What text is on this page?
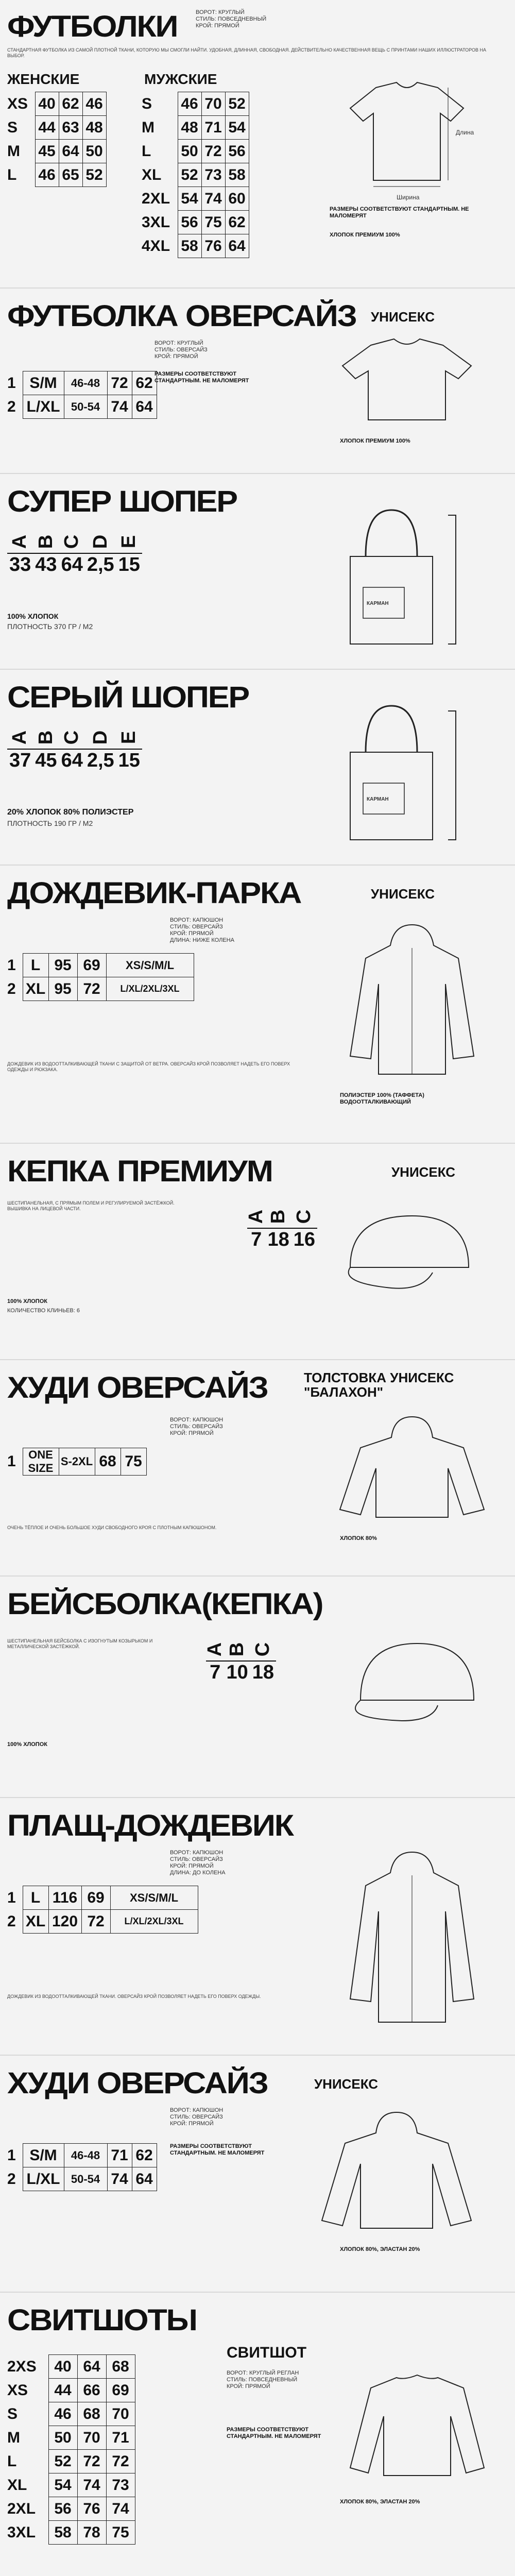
ФУТБОЛКИ	ВОРОТ: КРУГЛЫЙ
СТИЛЬ: ПОВСЕДНЕВНЫЙ
КРОЙ: ПРЯМОЙ
СТАНДАРТНАЯ ФУТБОЛКА ИЗ САМОЙ ПЛОТНОЙ ТКАНИ, КОТОРУЮ МЫ СМОГЛИ НАЙТИ. УДОБНАЯ, ДЛИННАЯ, СВОБОДНАЯ. ДЕЙСТВИТЕЛЬНО КАЧЕСТВЕННАЯ ВЕЩЬ С ПРИНТАМИ НАШИХ ИЛЛЮСТРАТОРОВ НА ВЫБОР.
ЖЕНСКИЕ	МУЖСКИЕ
XS	40	62	46
S	44	63	48
M	45	64	50
L	46	65	52
S	46	70	52
M	48	71	54
L	50	72	56
XL	52	73	58
2XL	54	74	60
3XL	56	75	62
4XL	58	76	64
Ширина
Длина
РАЗМЕРЫ СООТВЕТСТВУЮТ СТАНДАРТНЫМ. НЕ МАЛОМЕРЯТ
ХЛОПОК ПРЕМИУМ 100%
ФУТБОЛКА ОВЕРСАЙЗ УНИСЕКС
ВОРОТ: КРУГЛЫЙ
СТИЛЬ: ОВЕРСАЙЗ
КРОЙ: ПРЯМОЙ
1	S/M	46-48	72	62
2	L/XL	50-54	74	64
РАЗМЕРЫ СООТВЕТСТВУЮТ СТАНДАРТНЫМ. НЕ МАЛОМЕРЯТ
ХЛОПОК ПРЕМИУМ 100%
СУПЕР ШОПЕР
A	B	C	D	E
33	43	64	2,5	15
100% ХЛОПОК
ПЛОТНОСТЬ 370 ГР / М2
КАРМАН
СЕРЫЙ ШОПЕР
A	B	C	D	E
37	45	64	2,5	15
20% ХЛОПОК 80% ПОЛИЭСТЕР
ПЛОТНОСТЬ 190 ГР / М2
КАРМАН
ДОЖДЕВИК-ПАРКА	УНИСЕКС
ВОРОТ: КАПЮШОН
СТИЛЬ: ОВЕРСАЙЗ
КРОЙ: ПРЯМОЙ
ДЛИНА: НИЖЕ КОЛЕНА
1	L	95	69	XS/S/M/L
2	XL	95	72	L/XL/2XL/3XL
ДОЖДЕВИК ИЗ ВОДООТТАЛКИВАЮЩЕЙ ТКАНИ С ЗАЩИТОЙ ОТ ВЕТРА. ОВЕРСАЙЗ КРОЙ ПОЗВОЛЯЕТ НАДЕТЬ ЕГО ПОВЕРХ ОДЕЖДЫ И РЮКЗАКА.
ПОЛИЭСТЕР 100% (ТАФФЕТА) ВОДООТТАЛКИВАЮЩИЙ
КЕПКА ПРЕМИУМ	УНИСЕКС
ШЕСТИПАНЕЛЬНАЯ, С ПРЯМЫМ ПОЛЕМ И РЕГУЛИРУЕМОЙ ЗАСТЁЖКОЙ. ВЫШИВКА НА ЛИЦЕВОЙ ЧАСТИ.
A	B	C
7	18	16
100% ХЛОПОК
КОЛИЧЕСТВО КЛИНЬЕВ: 6
ХУДИ ОВЕРСАЙЗ	ТОЛСТОВКА УНИСЕКС "БАЛАХОН"
ВОРОТ: КАПЮШОН
СТИЛЬ: ОВЕРСАЙЗ
КРОЙ: ПРЯМОЙ
1	ONE SIZE	S-2XL	68	75
ОЧЕНЬ ТЁПЛОЕ И ОЧЕНЬ БОЛЬШОЕ ХУДИ СВОБОДНОГО КРОЯ С ПЛОТНЫМ КАПЮШОНОМ.
ХЛОПОК 80%
БЕЙСБОЛКА(КЕПКА)
A	B	C
7	10	18
ШЕСТИПАНЕЛЬНАЯ БЕЙСБОЛКА С ИЗОГНУТЫМ КОЗЫРЬКОМ И МЕТАЛЛИЧЕСКОЙ ЗАСТЁЖКОЙ.
100% ХЛОПОК
ПЛАЩ-ДОЖДЕВИК
ВОРОТ: КАПЮШОН
СТИЛЬ: ОВЕРСАЙЗ
КРОЙ: ПРЯМОЙ
ДЛИНА: ДО КОЛЕНА
1	L	116	69	XS/S/M/L
2	XL	120	72	L/XL/2XL/3XL
ДОЖДЕВИК ИЗ ВОДООТТАЛКИВАЮЩЕЙ ТКАНИ. ОВЕРСАЙЗ КРОЙ ПОЗВОЛЯЕТ НАДЕТЬ ЕГО ПОВЕРХ ОДЕЖДЫ.
ХУДИ ОВЕРСАЙЗ	УНИСЕКС
ВОРОТ: КАПЮШОН
СТИЛЬ: ОВЕРСАЙЗ
КРОЙ: ПРЯМОЙ
1	S/M	46-48	71	62
2	L/XL	50-54	74	64
РАЗМЕРЫ СООТВЕТСТВУЮТ СТАНДАРТНЫМ. НЕ МАЛОМЕРЯТ
ХЛОПОК 80%, ЭЛАСТАН 20%
СВИТШОТЫ
СВИТШОТ
ВОРОТ: КРУГЛЫЙ РЕГЛАН
СТИЛЬ: ПОВСЕДНЕВНЫЙ
КРОЙ: ПРЯМОЙ
2XS	40	64	68
XS	44	66	69
S	46	68	70
M	50	70	71
L	52	72	72
XL	54	74	73
2XL	56	76	74
3XL	58	78	75
РАЗМЕРЫ СООТВЕТСТВУЮТ СТАНДАРТНЫМ. НЕ МАЛОМЕРЯТ
ХЛОПОК 80%, ЭЛАСТАН 20%
